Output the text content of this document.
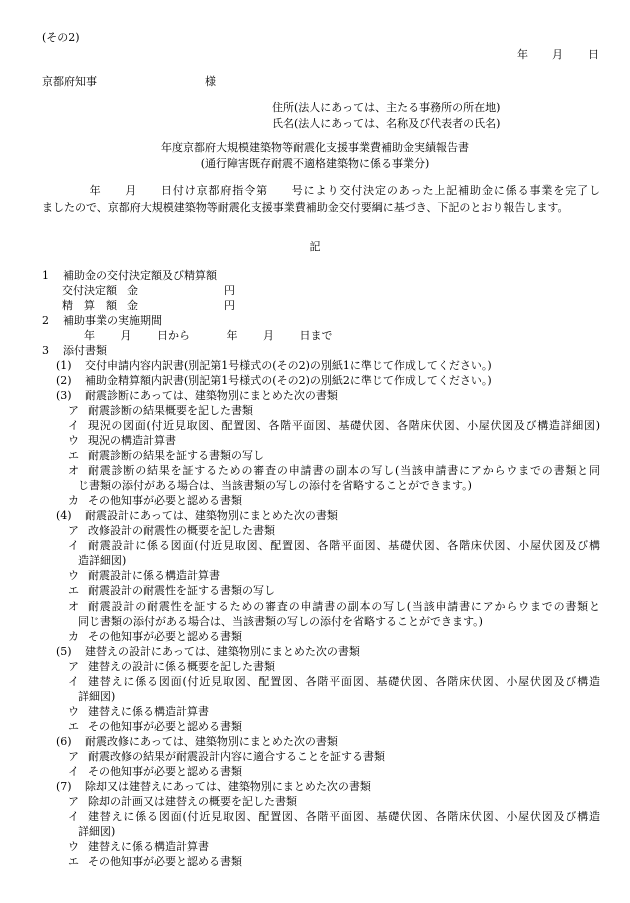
(その2)
年 月 日
京都府知事	様
住所(法人にあっては、主たる事務所の所在地)
氏名(法人にあっては、名称及び代表者の氏名)
年度京都府大規模建築物等耐震化支援事業費補助金実績報告書
(通行障害既存耐震不適格建築物に係る事業分)
　　　　年　　月　　日付け京都府指令第　　号により交付決定のあった上記補助金に係る事業を完了し
ましたので、京都府大規模建築物等耐震化支援事業費補助金交付要綱に基づき、下記のとおり報告します。
記
1 補助金の交付決定額及び精算額
交付決定額 金	円
精　算　額 金	円
2 補助事業の実施期間
　　年　　 月　　 日から　　　 年　　 月　　 日まで
3 添付書類
(1) 交付申請内容内訳書(別記第1号様式の(その2)の別紙1に準じて作成してください。)
(2) 補助金精算額内訳書(別記第1号様式の(その2)の別紙2に準じて作成してください。)
(3) 耐震診断にあっては、建築物別にまとめた次の書類
ア 耐震診断の結果概要を記した書類
イ 現況の図面(付近見取図、配置図、各階平面図、基礎伏図、各階床伏図、小屋伏図及び構造詳細図)
ウ 現況の構造計算書
エ 耐震診断の結果を証する書類の写し
オ 耐震診断の結果を証するための審査の申請書の副本の写し(当該申請書にアからウまでの書類と同
じ書類の添付がある場合は、当該書類の写しの添付を省略することができます。)
カ その他知事が必要と認める書類
(4) 耐震設計にあっては、建築物別にまとめた次の書類
ア 改修設計の耐震性の概要を記した書類
イ 耐震設計に係る図面(付近見取図、配置図、各階平面図、基礎伏図、各階床伏図、小屋伏図及び構
造詳細図)
ウ 耐震設計に係る構造計算書
エ 耐震設計の耐震性を証する書類の写し
オ 耐震設計の耐震性を証するための審査の申請書の副本の写し(当該申請書にアからウまでの書類と
同じ書類の添付がある場合は、当該書類の写しの添付を省略することができます。)
カ その他知事が必要と認める書類
(5) 建替えの設計にあっては、建築物別にまとめた次の書類
ア 建替えの設計に係る概要を記した書類
イ 建替えに係る図面(付近見取図、配置図、各階平面図、基礎伏図、各階床伏図、小屋伏図及び構造
詳細図)
ウ 建替えに係る構造計算書
エ その他知事が必要と認める書類
(6) 耐震改修にあっては、建築物別にまとめた次の書類
ア 耐震改修の結果が耐震設計内容に適合することを証する書類
イ その他知事が必要と認める書類
(7) 除却又は建替えにあっては、建築物別にまとめた次の書類
ア 除却の計画又は建替えの概要を記した書類
イ 建替えに係る図面(付近見取図、配置図、各階平面図、基礎伏図、各階床伏図、小屋伏図及び構造
詳細図)
ウ 建替えに係る構造計算書
エ その他知事が必要と認める書類
